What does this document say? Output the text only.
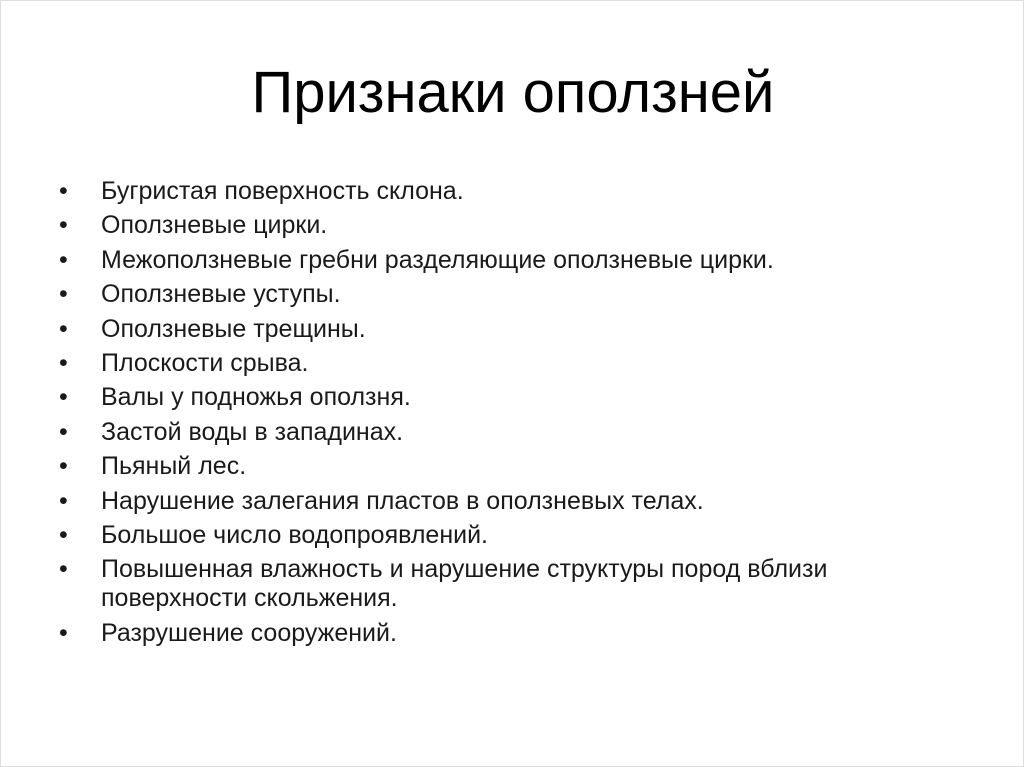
Признаки оползней
•	Бугристая поверхность склона.
•	Оползневые цирки.
•	Межоползневые гребни разделяющие оползневые цирки.
•	Оползневые уступы.
•	Оползневые трещины.
•	Плоскости срыва.
•	Валы у подножья оползня.
•	Застой воды в западинах.
•	Пьяный лес.
•	Нарушение залегания пластов в оползневых телах.
•	Большое число водопроявлений.
•	Повышенная влажность и нарушение структуры пород вблизи поверхности скольжения.
•	Разрушение сооружений.
